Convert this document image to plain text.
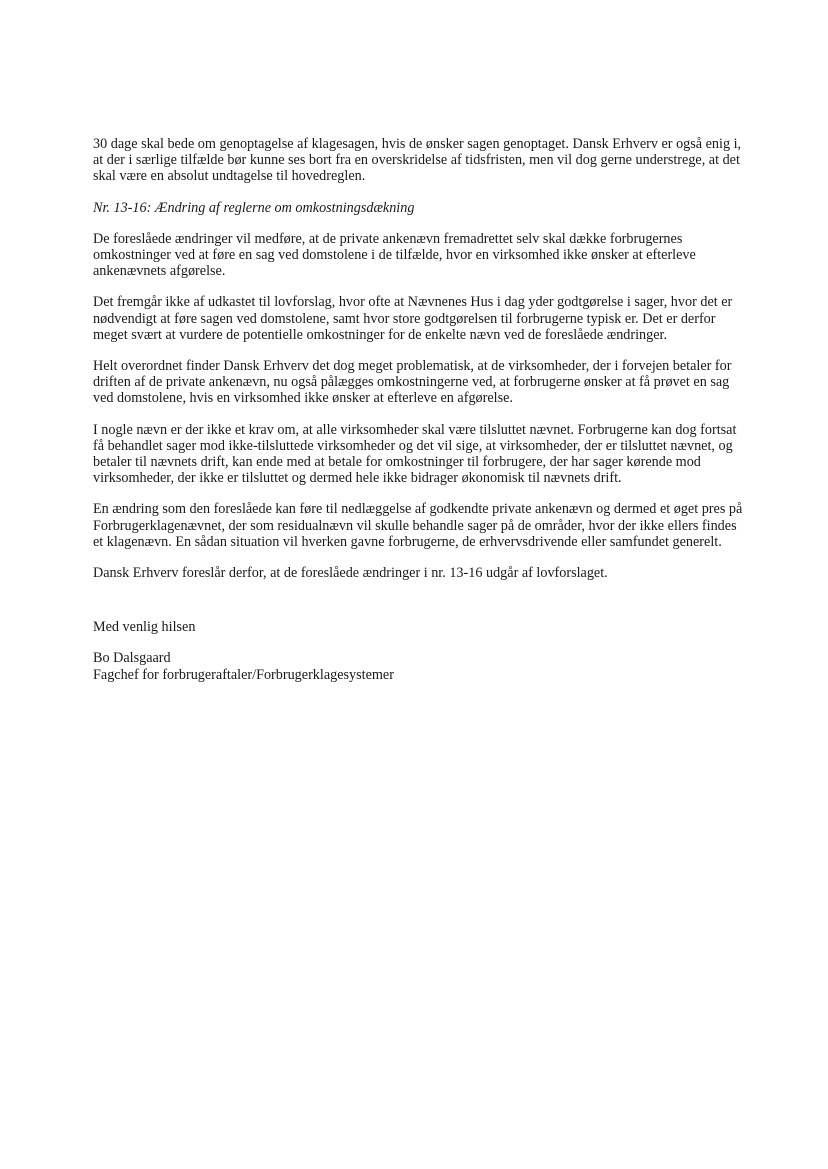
30 dage skal bede om genoptagelse af klagesagen, hvis de ønsker sagen genoptaget. Dansk Erhverv er også enig i, at der i særlige tilfælde bør kunne ses bort fra en overskridelse af tidsfristen, men vil dog gerne understrege, at det skal være en absolut undtagelse til hovedreglen.

Nr. 13-16: Ændring af reglerne om omkostningsdækning

De foreslåede ændringer vil medføre, at de private ankenævn fremadrettet selv skal dække forbrugernes omkostninger ved at føre en sag ved domstolene i de tilfælde, hvor en virksomhed ikke ønsker at efterleve ankenævnets afgørelse.

Det fremgår ikke af udkastet til lovforslag, hvor ofte at Nævnenes Hus i dag yder godtgørelse i sager, hvor det er nødvendigt at føre sagen ved domstolene, samt hvor store godtgørelsen til forbrugerne typisk er. Det er derfor meget svært at vurdere de potentielle omkostninger for de enkelte nævn ved de foreslåede ændringer.

Helt overordnet finder Dansk Erhverv det dog meget problematisk, at de virksomheder, der i forvejen betaler for driften af de private ankenævn, nu også pålægges omkostningerne ved, at forbrugerne ønsker at få prøvet en sag ved domstolene, hvis en virksomhed ikke ønsker at efterleve en afgørelse.

I nogle nævn er der ikke et krav om, at alle virksomheder skal være tilsluttet nævnet. Forbrugerne kan dog fortsat få behandlet sager mod ikke-tilsluttede virksomheder og det vil sige, at virksomheder, der er tilsluttet nævnet, og betaler til nævnets drift, kan ende med at betale for omkostninger til forbrugere, der har sager kørende mod virksomheder, der ikke er tilsluttet og dermed hele ikke bidrager økonomisk til nævnets drift.

En ændring som den foreslåede kan føre til nedlæggelse af godkendte private ankenævn og dermed et øget pres på Forbrugerklagenævnet, der som residualnævn vil skulle behandle sager på de områder, hvor der ikke ellers findes et klagenævn. En sådan situation vil hverken gavne forbrugerne, de erhvervsdrivende eller samfundet generelt.

Dansk Erhverv foreslår derfor, at de foreslåede ændringer i nr. 13-16 udgår af lovforslaget.

Med venlig hilsen

Bo Dalsgaard
Fagchef for forbrugeraftaler/Forbrugerklagesystemer
